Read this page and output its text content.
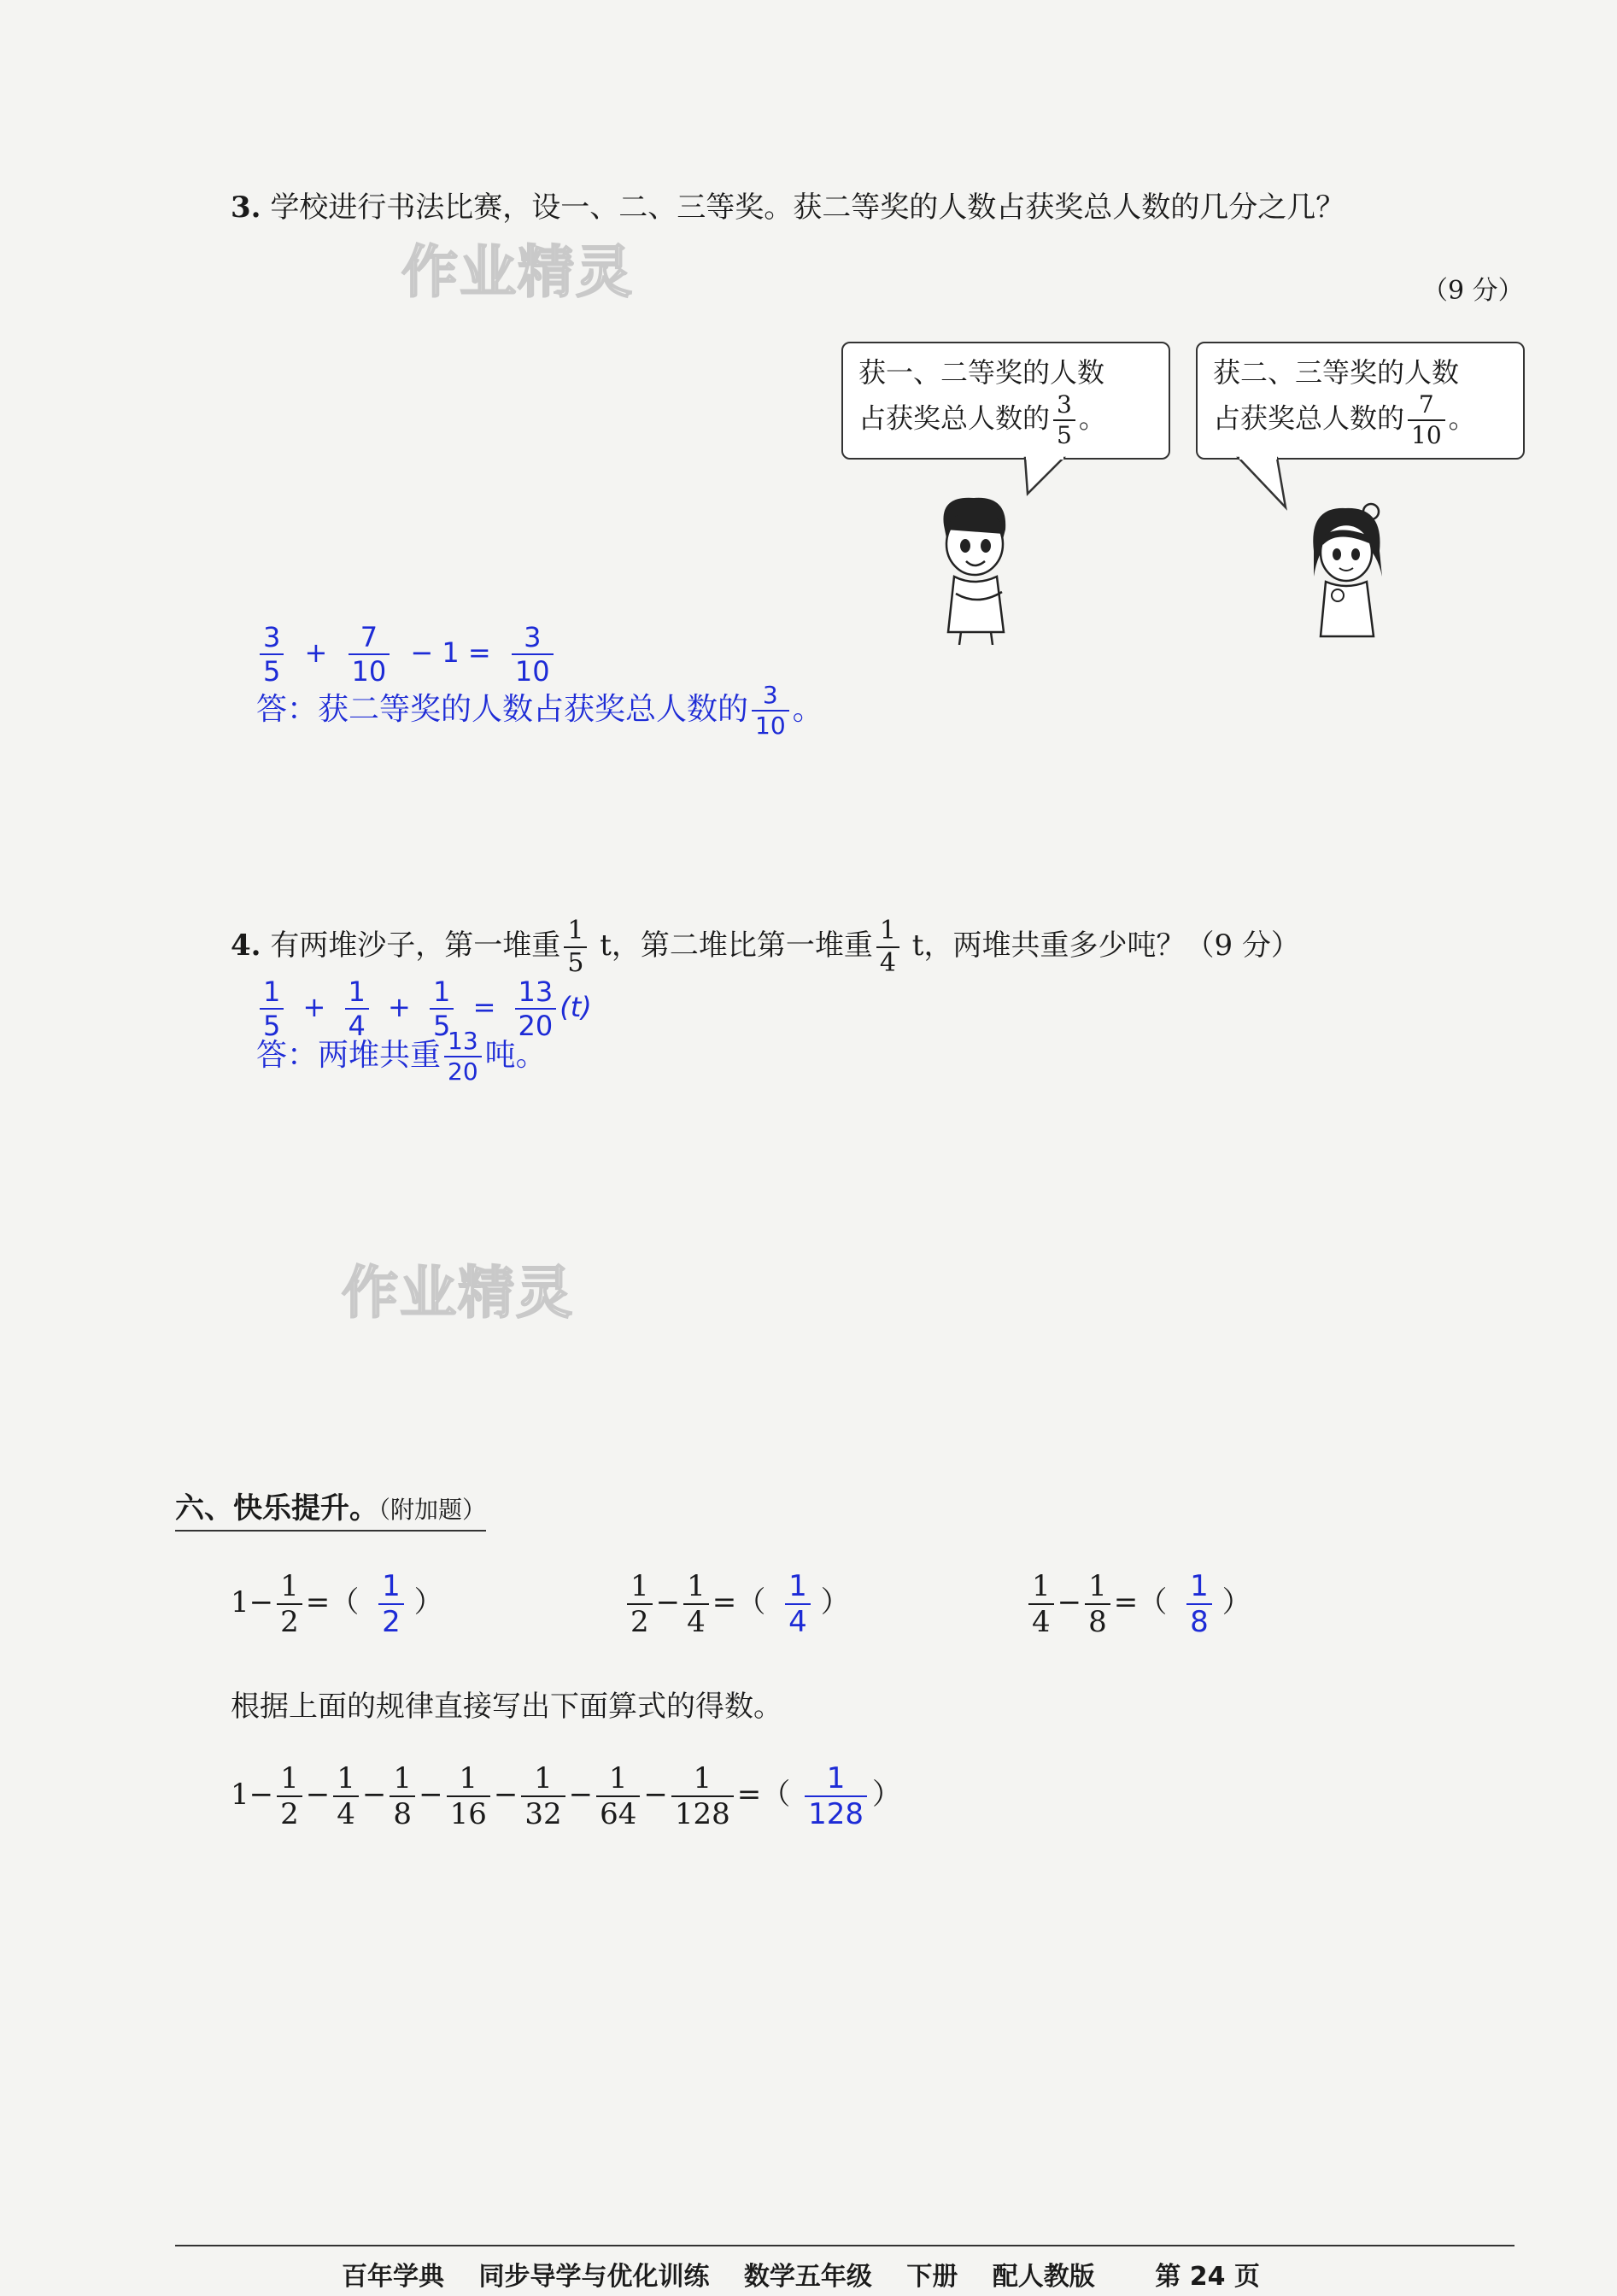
3. 学校进行书法比赛，设一、二、三等奖。获二等奖的人数占获奖总人数的几分之几？
（9 分）
作业精灵
获一、二等奖的人数
占获奖总人数的 $\frac{3}{5}$ 。
获二、三等奖的人数
占获奖总人数的 $\frac{7}{10}$ 。
$\frac{3}{5} + \frac{7}{10} - 1 = \frac{3}{10}$
答：获二等奖的人数占获奖总人数的 $\frac{3}{10}$ 。
4. 有两堆沙子，第一堆重 $\frac{1}{5}$ t，第二堆比第一堆重 $\frac{1}{4}$ t，两堆共重多少吨？（9 分）
$\frac{1}{5} + \frac{1}{4} + \frac{1}{5} = \frac{13}{20} (t)$
答：两堆共重 $\frac{13}{20}$ 吨。
作业精灵
六、快乐提升。（附加题）
$1- \frac{1}{2}$ =（ $\frac{1}{2}$ ）	$\frac{1}{2} - \frac{1}{4}$ =（ $\frac{1}{4}$ ）	$\frac{1}{4} - \frac{1}{8}$ =（ $\frac{1}{8}$ ）
根据上面的规律直接写出下面算式的得数。
$1- \frac{1}{2} - \frac{1}{4} - \frac{1}{8} - \frac{1}{16} - \frac{1}{32} - \frac{1}{64} - \frac{1}{128}$ =（ $\frac{1}{128}$ ）
百年学典 同步导学与优化训练 数学五年级 下册 配人教版 第 24 页
